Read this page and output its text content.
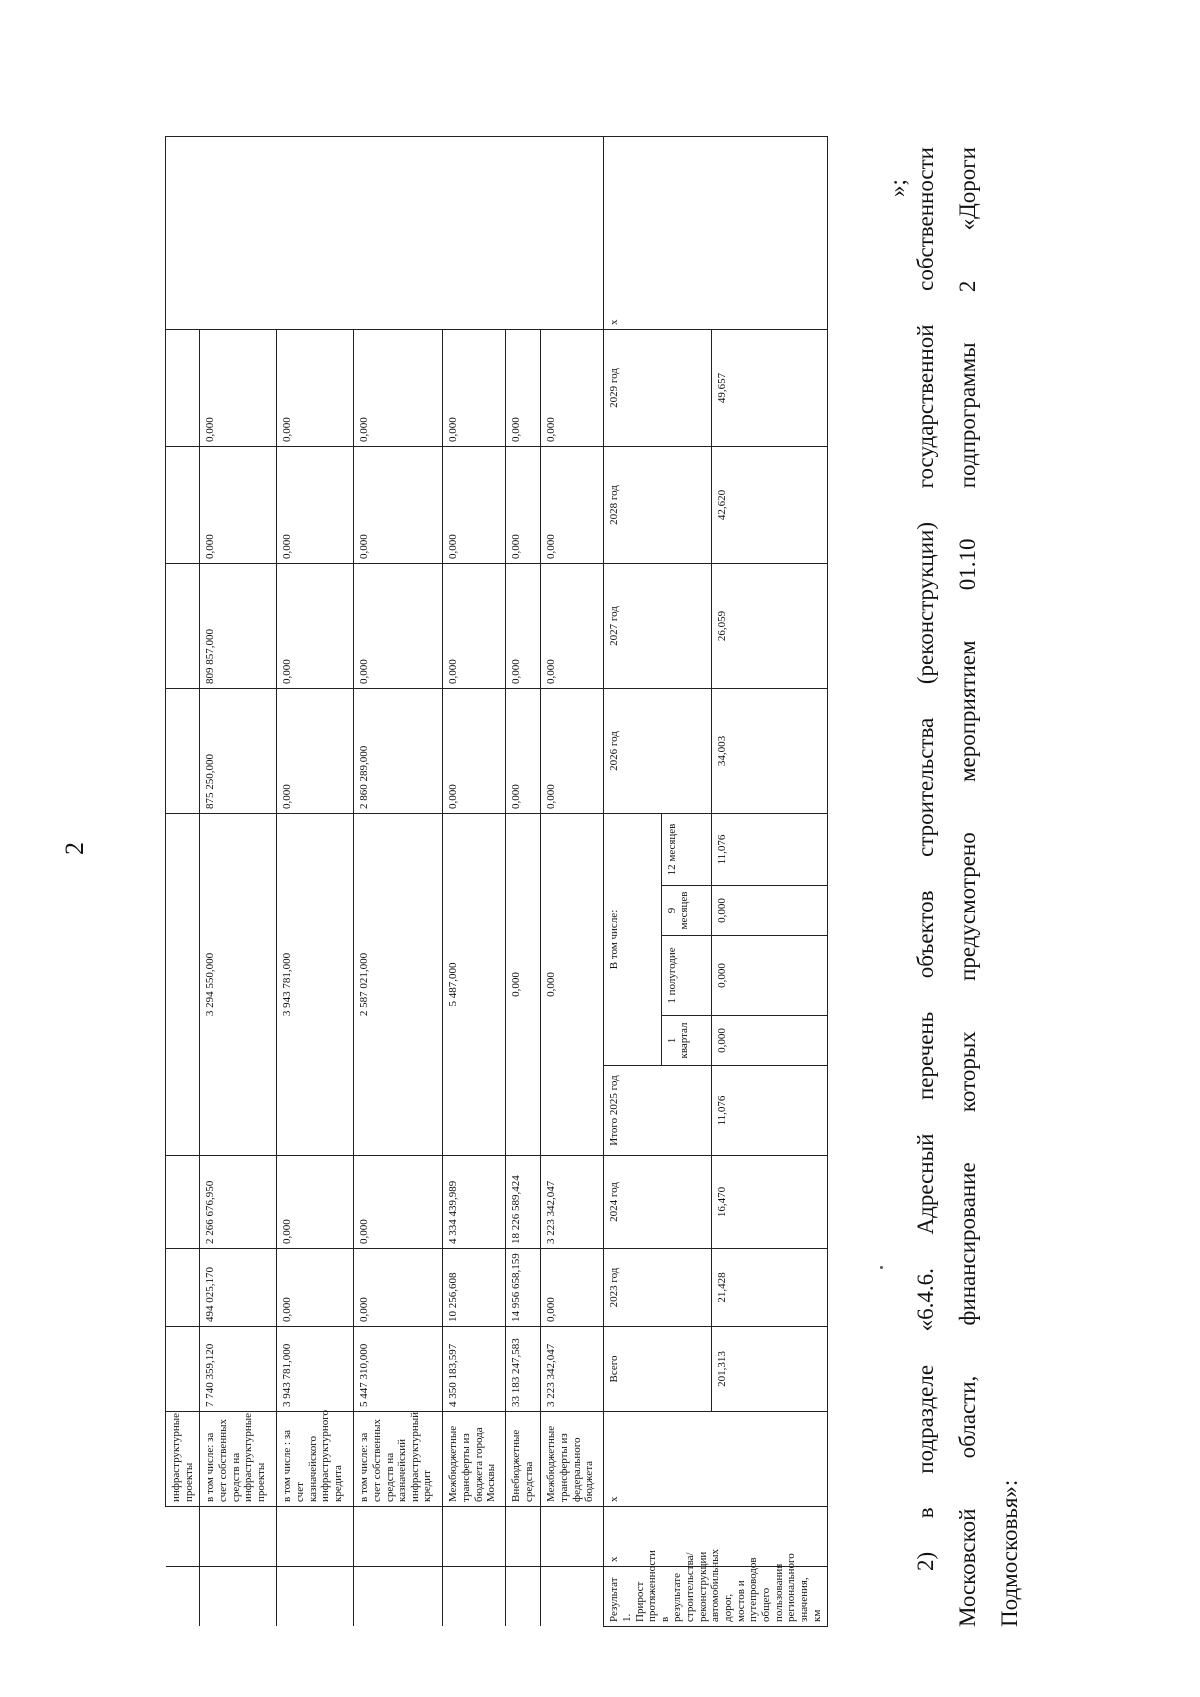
2
		инфраструктурные проекты													
		в том числе: за счет собственных средств на инфраструктурные проекты	7 740 359,120	494 025,170	2 266 676,950	3 294 550,000					875 250,000	809 857,000	0,000	0,000	
		в том числе : за счет казначейского инфраструктурного кредита	3 943 781,000	0,000	0,000	3 943 781,000					0,000	0,000	0,000	0,000	
		в том числе: за счет собственных средств на казначейский инфраструктурный кредит	5 447 310,000	0,000	0,000	2 587 021,000					2 860 289,000	0,000	0,000	0,000	
		Межбюджетные трансферты из бюджета города Москвы	4 350 183,597	10 256,608	4 334 439,989	5 487,000					0,000	0,000	0,000	0,000	
		Внебюджетные средства	33 183 247,583	14 956 658,159	18 226 589,424	0,000					0,000	0,000	0,000	0,000	
		Межбюджетные трансферты из федерального бюджета	3 223 342,047	0,000	3 223 342,047	0,000					0,000	0,000	0,000	0,000	
Результат 1. Прирост протяженности в результате строительства/ реконструкции автомобильных дорог, мостов и путепроводов общего пользования регионального значения, км	x	x	Всего	2023 год	2024 год	Итого 2025 год	В том числе:				2026 год	2027 год	2028 год	2029 год	x
							1 квартал	1 полугодие	9 месяцев	12 месяцев					
			201,313	21,428	16,470	11,076	0,000	0,000	0,000	11,076	34,003	26,059	42,620	49,657	
»; 2) в подразделе «6.4.6. Адресный перечень объектов строительства (реконструкции) государственной собственности Московской области, финансирование которых предусмотрено мероприятием 01.10 подпрограммы 2 «Дороги Подмосковья»:
